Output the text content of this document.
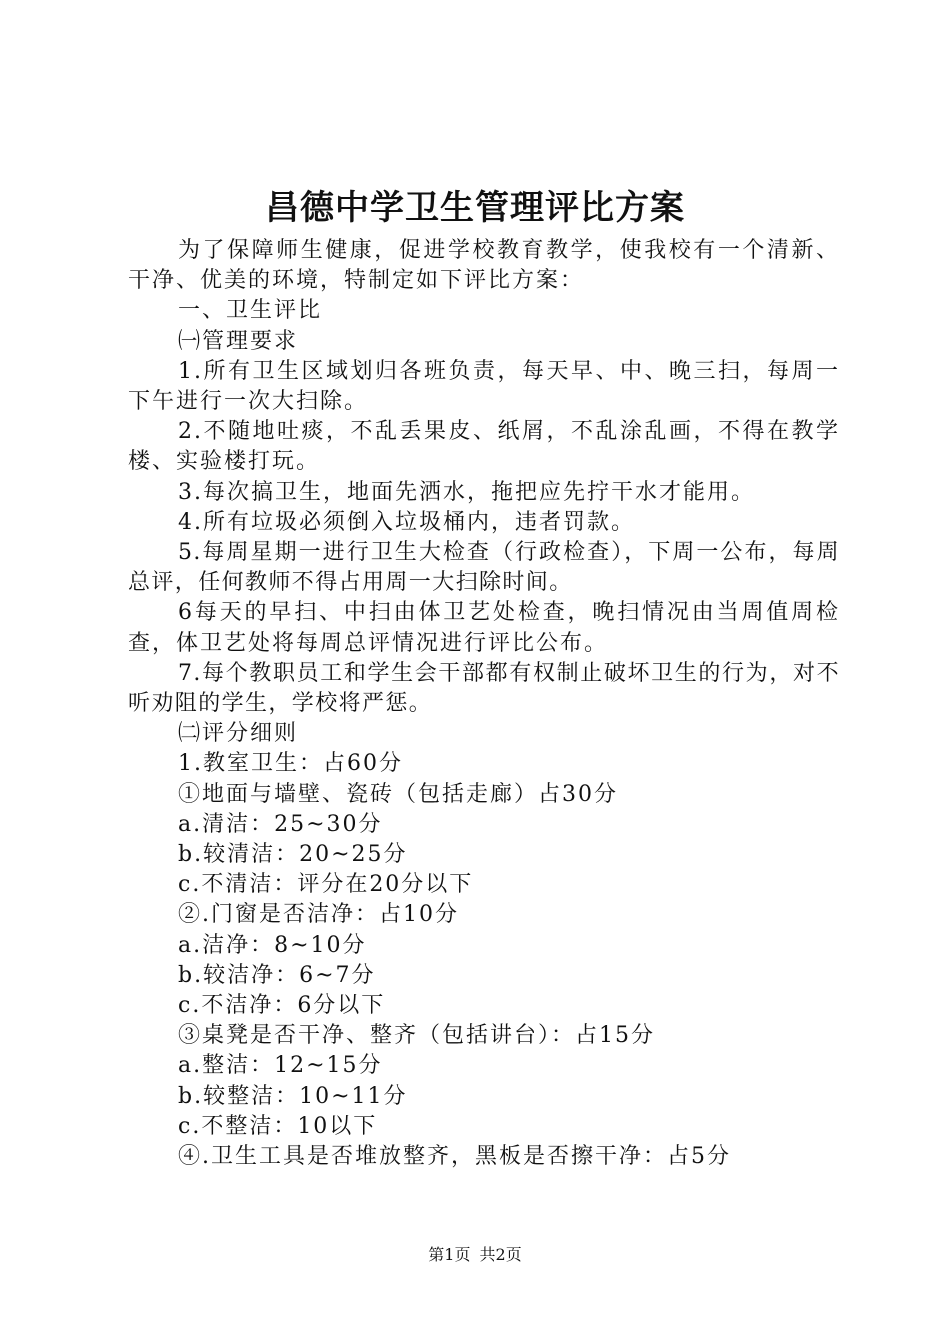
昌德中学卫生管理评比方案

为了保障师生健康，促进学校教育教学，使我校有一个清新、干净、优美的环境，特制定如下评比方案：

一、卫生评比

㈠管理要求

1.所有卫生区域划归各班负责，每天早、中、晚三扫，每周一下午进行一次大扫除。

2.不随地吐痰，不乱丢果皮、纸屑，不乱涂乱画，不得在教学楼、实验楼打玩。

3.每次搞卫生，地面先洒水，拖把应先拧干水才能用。

4.所有垃圾必须倒入垃圾桶内，违者罚款。

5.每周星期一进行卫生大检查（行政检查），下周一公布，每周总评，任何教师不得占用周一大扫除时间。

6每天的早扫、中扫由体卫艺处检查，晚扫情况由当周值周检查，体卫艺处将每周总评情况进行评比公布。

7.每个教职员工和学生会干部都有权制止破坏卫生的行为，对不听劝阻的学生，学校将严惩。

㈡评分细则

1.教室卫生：占60分

①地面与墙壁、瓷砖（包括走廊）占30分

a.清洁：25~30分

b.较清洁：20~25分

c.不清洁：评分在20分以下

②.门窗是否洁净：占10分

a.洁净：8~10分

b.较洁净：6~7分

c.不洁净：6分以下

③桌凳是否干净、整齐（包括讲台）：占15分

a.整洁：12~15分

b.较整洁：10~11分

c.不整洁：10以下

④.卫生工具是否堆放整齐，黑板是否擦干净：占5分

第1页 共2页
